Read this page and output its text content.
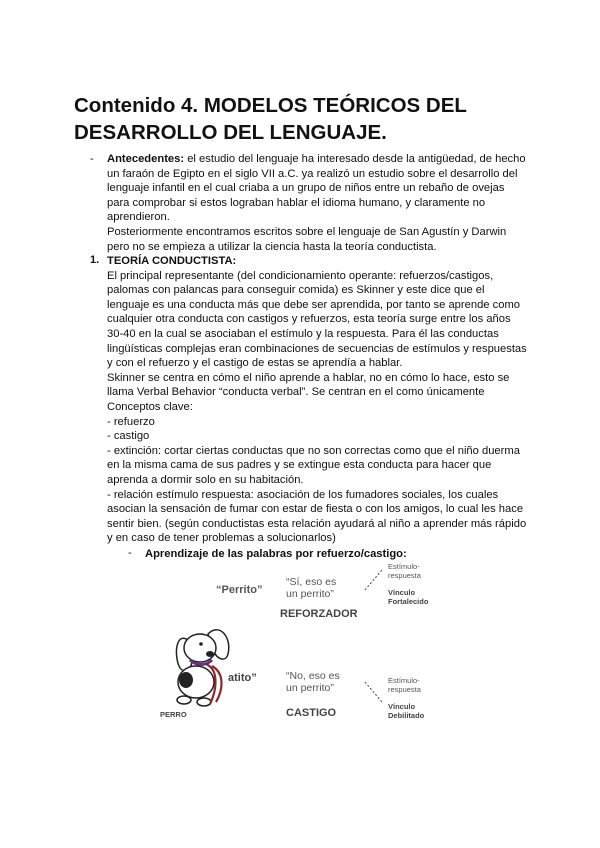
Contenido 4. MODELOS TEÓRICOS DEL
DESARROLLO DEL LENGUAJE.
- Antecedentes: el estudio del lenguaje ha interesado desde la antigüedad, de hecho

un faraón de Egipto en el siglo VII a.C. ya realizó un estudio sobre el desarrollo del

lenguaje infantil en el cual criaba a un grupo de niños entre un rebaño de ovejas

para comprobar si estos lograban hablar el idioma humano, y claramente no

aprendieron.

Posteriormente encontramos escritos sobre el lenguaje de San Agustín y Darwin

pero no se empieza a utilizar la ciencia hasta la teoría conductista.

1. TEORÍA CONDUCTISTA:

El principal representante (del condicionamiento operante: refuerzos/castigos,

palomas con palancas para conseguir comida) es Skinner y este dice que el

lenguaje es una conducta más que debe ser aprendida, por tanto se aprende como

cualquier otra conducta con castigos y refuerzos, esta teoría surge entre los años

30-40 en la cual se asociaban el estímulo y la respuesta. Para él las conductas

lingüísticas complejas eran combinaciones de secuencias de estímulos y respuestas

y con el refuerzo y el castigo de estas se aprendía a hablar.

Skinner se centra en cómo el niño aprende a hablar, no en cómo lo hace, esto se

llama Verbal Behavior “conducta verbal”. Se centran en el como únicamente

Conceptos clave:

- refuerzo

- castigo

- extinción: cortar ciertas conductas que no son correctas como que el niño duerma

en la misma cama de sus padres y se extingue esta conducta para hacer que

aprenda a dormir solo en su habitación.

- relación estímulo respuesta: asociación de los fumadores sociales, los cuales

asocian la sensación de fumar con estar de fiesta o con los amigos, lo cual les hace

sentir bien. (según conductistas esta relación ayudará al niño a aprender más rápido

y en caso de tener problemas a solucionarlos)

- Aprendizaje de las palabras por refuerzo/castigo:
“Perrito”
atito”
PERRO
“Sí, eso es
un perrito”
REFORZADOR
“No, eso es
un perrito”
CASTIGO
Estímulo-
respuesta
Vínculo
Fortalecido
Estímulo-
respuesta
Vínculo
Debilitado
